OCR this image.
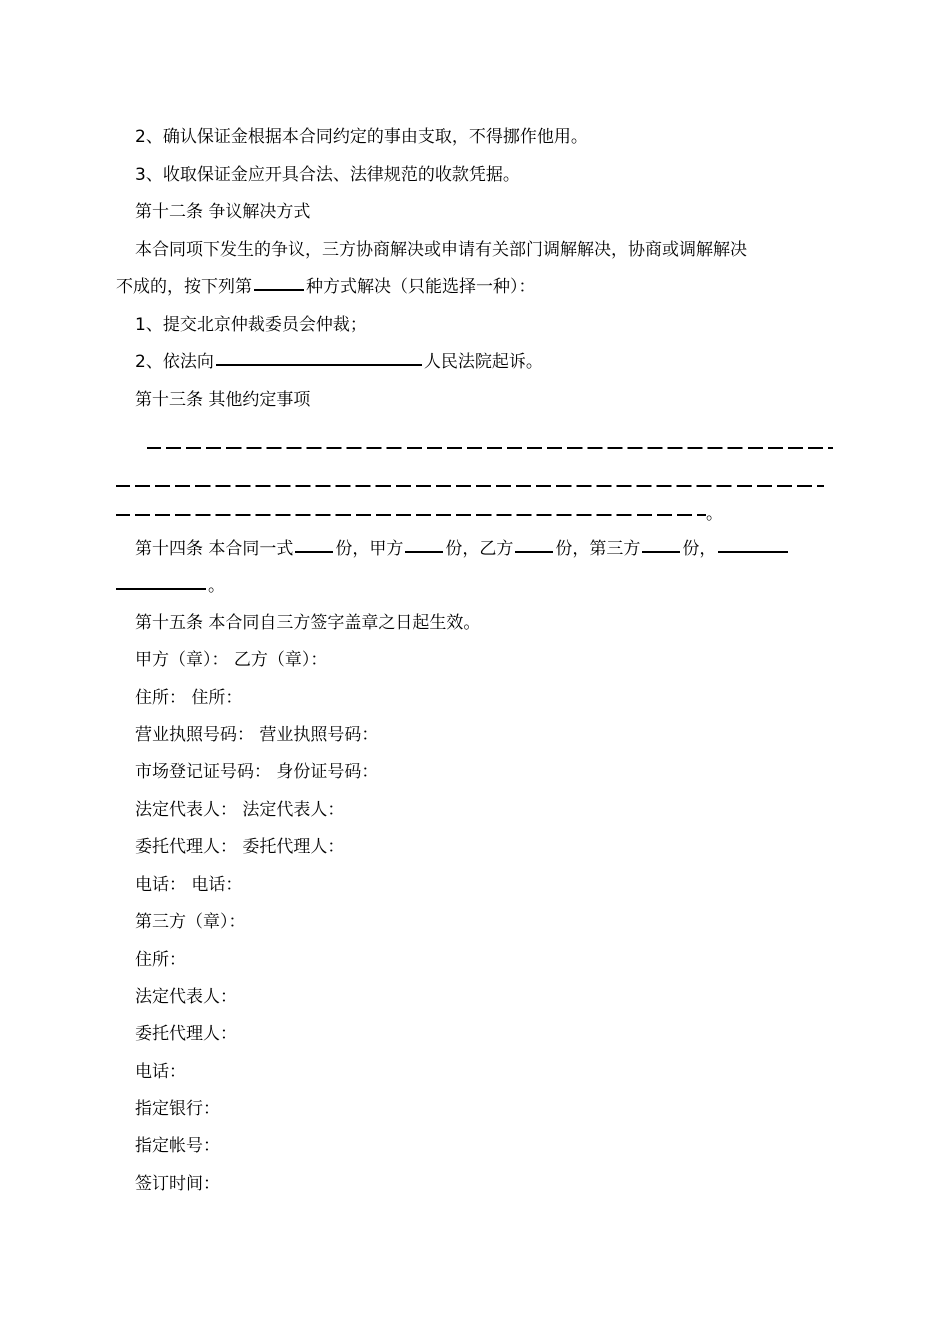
2、确认保证金根据本合同约定的事由支取，不得挪作他用。
3、收取保证金应开具合法、法律规范的收款凭据。
第十二条 争议解决方式
本合同项下发生的争议，三方协商解决或申请有关部门调解解决，协商或调解解决
不成的，按下列第	种方式解决（只能选择一种）：
1、提交北京仲裁委员会仲裁；
2、依法向	人民法院起诉。
第十三条 其他约定事项
。
第十四条 本合同一式 份，甲方 份，乙方 份，第三方 份，
。
第十五条 本合同自三方签字盖章之日起生效。
甲方（章）： 乙方（章）：
住所： 住所：
营业执照号码： 营业执照号码：
市场登记证号码： 身份证号码：
法定代表人： 法定代表人：
委托代理人： 委托代理人：
电话： 电话：
第三方（章）：
住所：
法定代表人：
委托代理人：
电话：
指定银行：
指定帐号：
签订时间：
